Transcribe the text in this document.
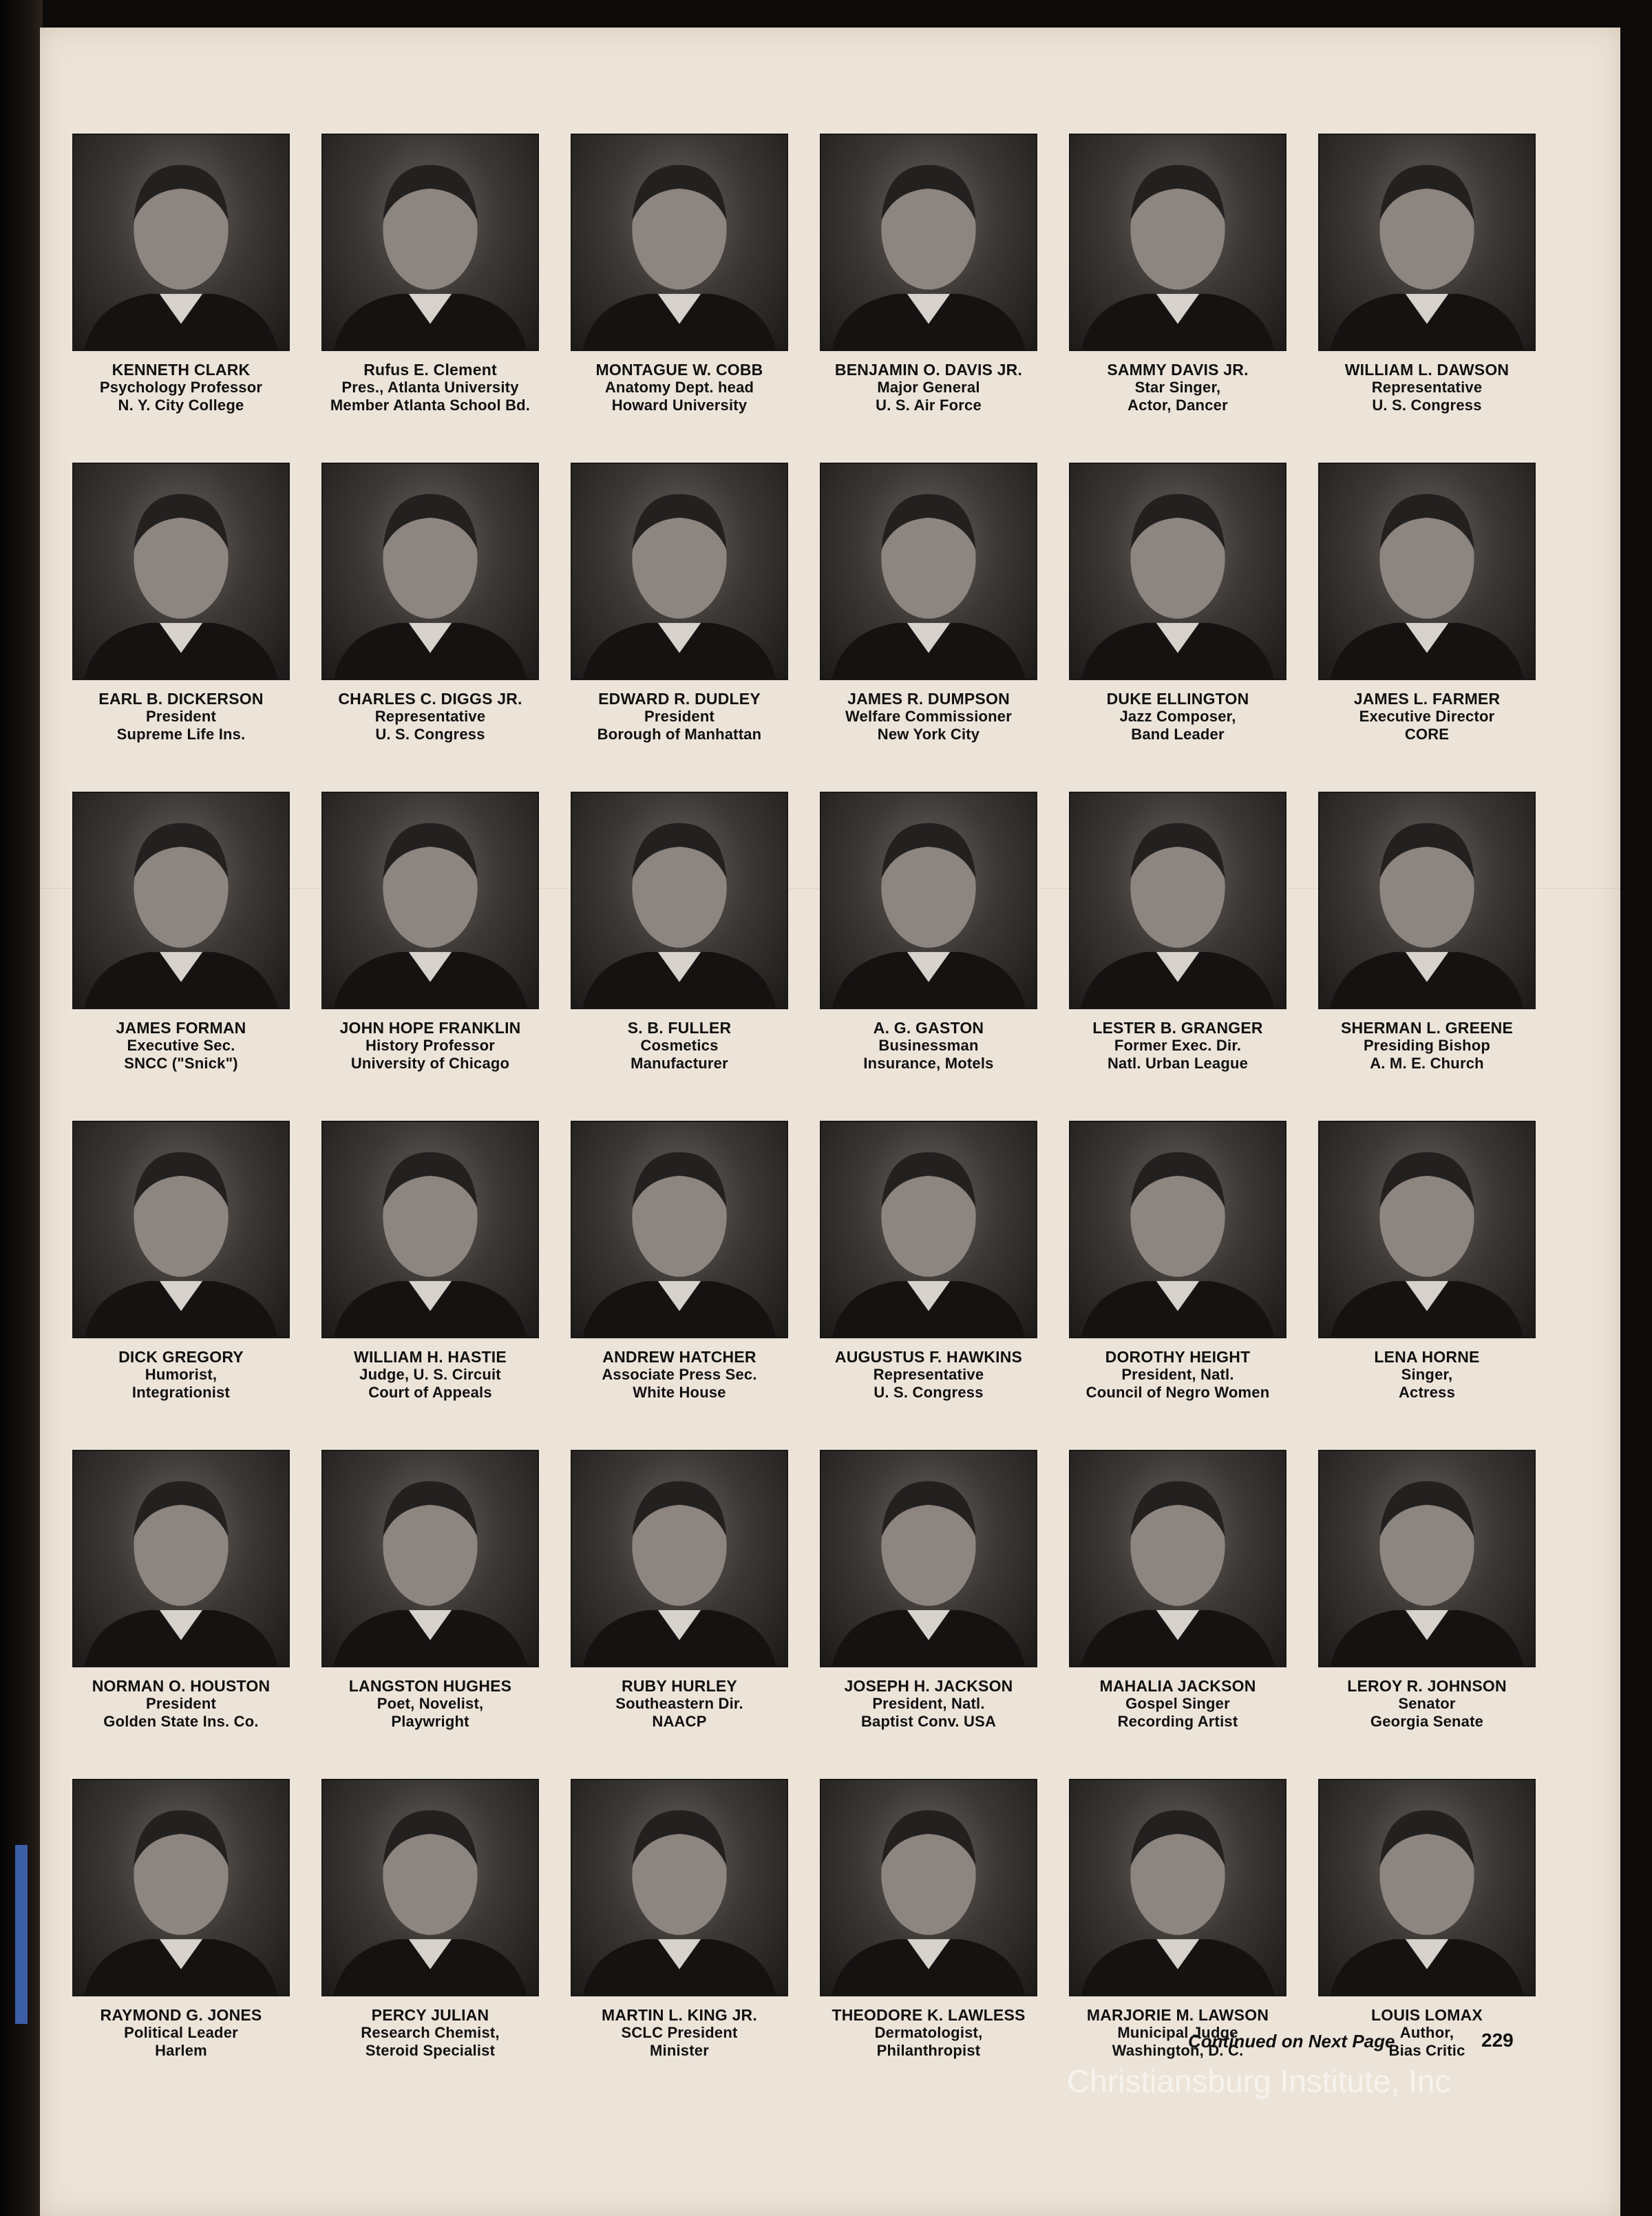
KENNETH CLARK
Psychology Professor
N. Y. City College
Rufus E. Clement
Pres., Atlanta University
Member Atlanta School Bd.
MONTAGUE W. COBB
Anatomy Dept. head
Howard University
BENJAMIN O. DAVIS JR.
Major General
U. S. Air Force
SAMMY DAVIS JR.
Star Singer,
Actor, Dancer
WILLIAM L. DAWSON
Representative
U. S. Congress
EARL B. DICKERSON
President
Supreme Life Ins.
CHARLES C. DIGGS JR.
Representative
U. S. Congress
EDWARD R. DUDLEY
President
Borough of Manhattan
JAMES R. DUMPSON
Welfare Commissioner
New York City
DUKE ELLINGTON
Jazz Composer,
Band Leader
JAMES L. FARMER
Executive Director
CORE
JAMES FORMAN
Executive Sec.
SNCC ("Snick")
JOHN HOPE FRANKLIN
History Professor
University of Chicago
S. B. FULLER
Cosmetics
Manufacturer
A. G. GASTON
Businessman
Insurance, Motels
LESTER B. GRANGER
Former Exec. Dir.
Natl. Urban League
SHERMAN L. GREENE
Presiding Bishop
A. M. E. Church
DICK GREGORY
Humorist,
Integrationist
WILLIAM H. HASTIE
Judge, U. S. Circuit
Court of Appeals
ANDREW HATCHER
Associate Press Sec.
White House
AUGUSTUS F. HAWKINS
Representative
U. S. Congress
DOROTHY HEIGHT
President, Natl.
Council of Negro Women
LENA HORNE
Singer,
Actress
NORMAN O. HOUSTON
President
Golden State Ins. Co.
LANGSTON HUGHES
Poet, Novelist,
Playwright
RUBY HURLEY
Southeastern Dir.
NAACP
JOSEPH H. JACKSON
President, Natl.
Baptist Conv. USA
MAHALIA JACKSON
Gospel Singer
Recording Artist
LEROY R. JOHNSON
Senator
Georgia Senate
RAYMOND G. JONES
Political Leader
Harlem
PERCY JULIAN
Research Chemist,
Steroid Specialist
MARTIN L. KING JR.
SCLC President
Minister
THEODORE K. LAWLESS
Dermatologist,
Philanthropist
MARJORIE M. LAWSON
Municipal Judge
Washington, D. C.
LOUIS LOMAX
Author,
Bias Critic
Continued on Next Page	229
Christiansburg Institute, Inc
